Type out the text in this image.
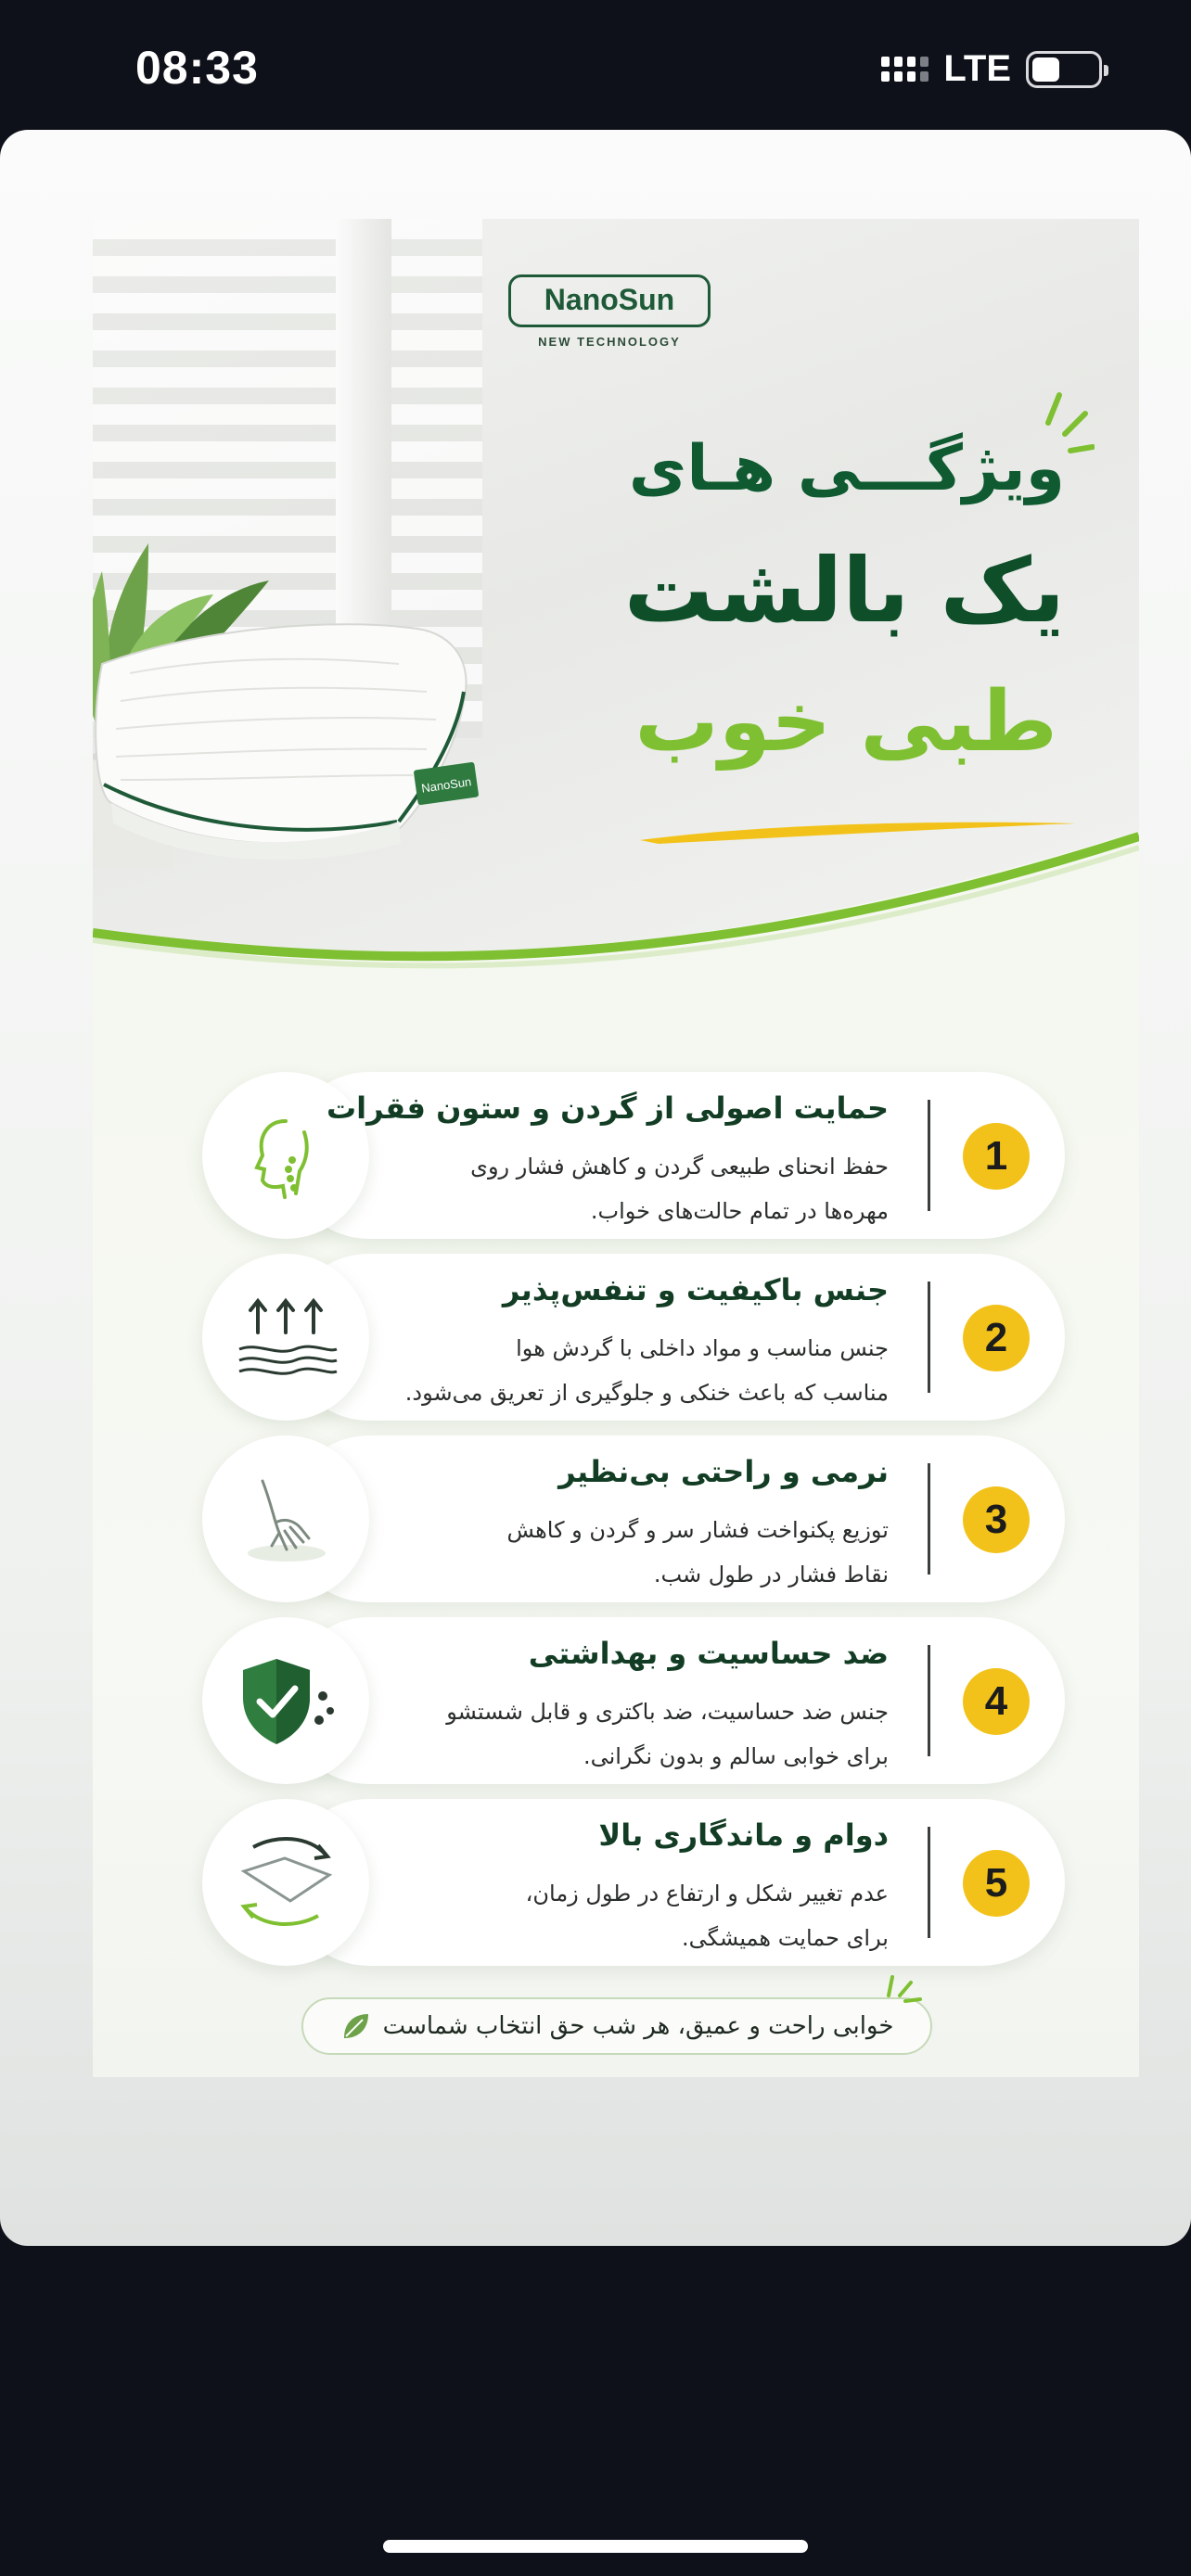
08:33	LTE
NanoSun
NanoSun
NEW TECHNOLOGY
ویژگـــی هـای
یک بالشت
طبی خوب
حمایت اصولی از گردن و ستون فقرات
حفظ انحنای طبیعی گردن و کاهش فشار روی
مهره‌ها در تمام حالت‌های خواب.
1
جنس باکیفیت و تنفس‌پذیر
جنس مناسب و مواد داخلی با گردش هوا
مناسب که باعث خنکی و جلوگیری از تعریق می‌شود.
2
نرمی و راحتی بی‌نظیر
توزیع پکنواخت فشار سر و گردن و کاهش
نقاط فشار در طول شب.
3
ضد حساسیت و بهداشتی
جنس ضد حساسیت، ضد باکتری و قابل شستشو
برای خوابی سالم و بدون نگرانی.
4
دوام و ماندگاری بالا
عدم تغییر شکل و ارتفاع در طول زمان،
برای حمایت همیشگی.
5
خوابی راحت و عمیق، هر شب حق انتخاب شماست
